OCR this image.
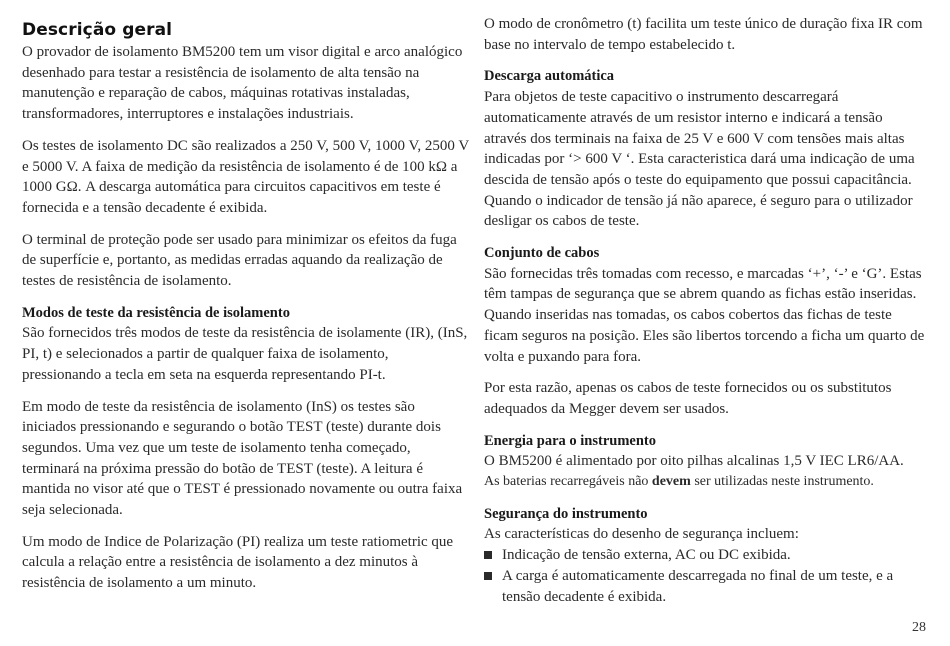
Descrição geral

O provador de isolamento BM5200 tem um visor digital e arco analógico desenhado para testar a resistência de isolamento de alta tensão na manutenção e reparação de cabos, máquinas rotativas instaladas, transformadores, interruptores e instalações industriais.

Os testes de isolamento DC são realizados a 250 V, 500 V, 1000 V, 2500 V e 5000 V. A faixa de medição da resistência de isolamento é de 100 kΩ a 1000 GΩ. A descarga automática para circuitos capacitivos em teste é fornecida e a tensão decadente é exibida.

O terminal de proteção pode ser usado para minimizar os efeitos da fuga de superfície e, portanto, as medidas erradas aquando da realização de testes de resistência de isolamento.

Modos de teste da resistência de isolamento

São fornecidos três modos de teste da resistência de isolamente (IR), (InS, PI, t) e selecionados a partir de qualquer faixa de isolamento, pressionando a tecla em seta na esquerda representando PI-t.

Em modo de teste da resistência de isolamento (InS) os testes são iniciados pressionando e segurando o botão TEST (teste) durante dois segundos. Uma vez que um teste de isolamento tenha começado, terminará na próxima pressão do botão de TEST (teste). A leitura é mantida no visor até que o TEST é pressionado novamente ou outra faixa seja selecionada.

Um modo de Indice de Polarização (PI) realiza um teste ratiometric que calcula a relação entre a resistência de isolamento a dez minutos à resistência de isolamento a um minuto.

O modo de cronômetro (t) facilita um teste único de duração fixa IR com base no intervalo de tempo estabelecido t.

Descarga automática

Para objetos de teste capacitivo o instrumento descarregará automaticamente através de um resistor interno e indicará a tensão através dos terminais na faixa de 25 V e 600 V com tensões mais altas indicadas por ‘> 600 V ‘. Esta caracteristica dará uma indicação de uma descida de tensão após o teste do equipamento que possui capacitância. Quando o indicador de tensão já não aparece, é seguro para o utilizador desligar os cabos de teste.

Conjunto de cabos

São fornecidas três tomadas com recesso, e marcadas ‘+’, ‘-’ e ‘G’. Estas têm tampas de segurança que se abrem quando as fichas estão inseridas. Quando inseridas nas tomadas, os cabos cobertos das fichas de teste ficam seguros na posição. Eles são libertos torcendo a ficha um quarto de volta e puxando para fora.

Por esta razão, apenas os cabos de teste fornecidos ou os substitutos adequados da Megger devem ser usados.

Energia para o instrumento

O BM5200 é alimentado por oito pilhas alcalinas 1,5 V IEC LR6/AA.

As baterias recarregáveis não devem ser utilizadas neste instrumento.

Segurança do instrumento

As características do desenho de segurança incluem:

Indicação de tensão externa, AC ou DC exibida.
A carga é automaticamente descarregada no final de um teste, e a tensão decadente é exibida.
28
